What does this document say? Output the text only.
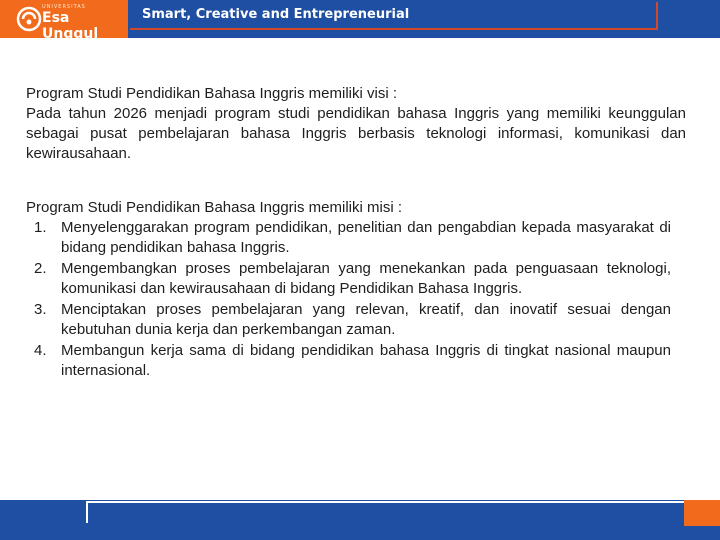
UNIVERSITAS
Esa Unggul
Smart, Creative and Entrepreneurial
Program Studi Pendidikan Bahasa Inggris memiliki visi :
Pada tahun 2026 menjadi program studi pendidikan bahasa Inggris yang memiliki keunggulan sebagai pusat pembelajaran bahasa Inggris berbasis teknologi informasi, komunikasi dan kewirausahaan.
Program Studi Pendidikan Bahasa Inggris memiliki misi :
1. Menyelenggarakan program pendidikan, penelitian dan pengabdian kepada masyarakat di bidang pendidikan bahasa Inggris.
2. Mengembangkan proses pembelajaran yang menekankan pada penguasaan teknologi, komunikasi dan kewirausahaan di bidang Pendidikan Bahasa Inggris.
3. Menciptakan proses pembelajaran yang relevan, kreatif, dan inovatif sesuai dengan kebutuhan dunia kerja dan perkembangan zaman.
4. Membangun kerja sama di bidang pendidikan bahasa Inggris di tingkat nasional maupun internasional.
